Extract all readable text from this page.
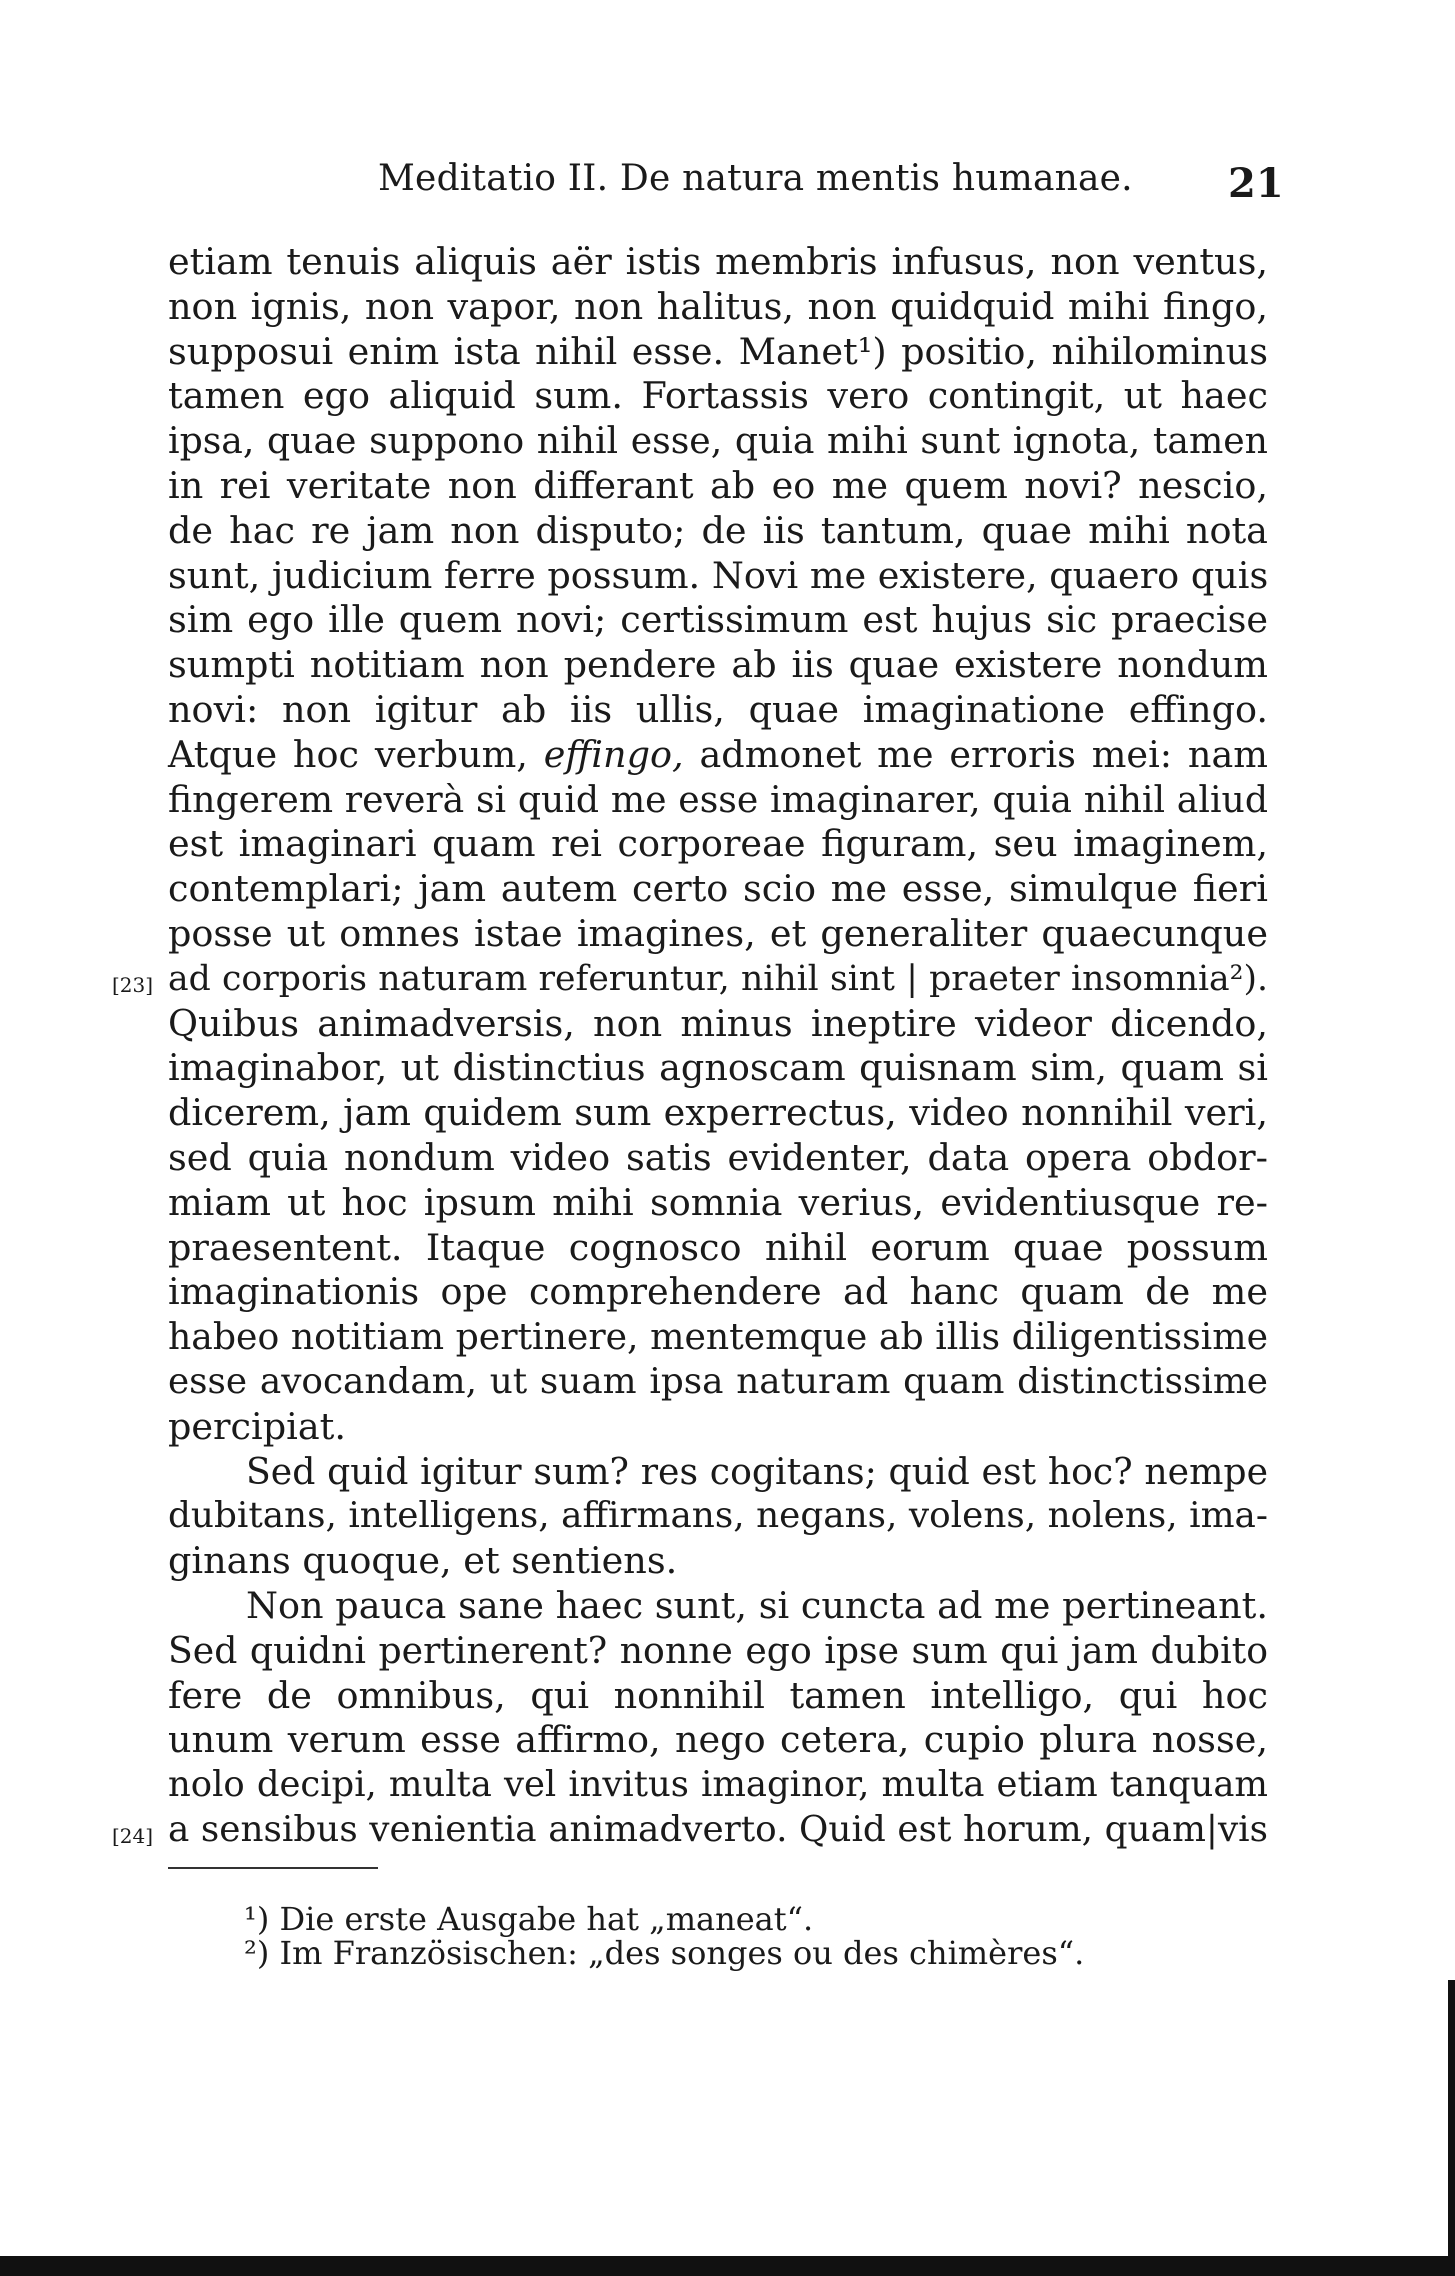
Meditatio II. De natura mentis humanae. 21
etiam tenuis aliquis aër istis membris infusus, non ventus,
non ignis, non vapor, non halitus, non quidquid mihi fingo,
supposui enim ista nihil esse. Manet¹) positio, nihilominus
tamen ego aliquid sum. Fortassis vero contingit, ut haec
ipsa, quae suppono nihil esse, quia mihi sunt ignota, tamen
in rei veritate non differant ab eo me quem novi? nescio,
de hac re jam non disputo; de iis tantum, quae mihi nota
sunt, judicium ferre possum. Novi me existere, quaero quis
sim ego ille quem novi; certissimum est hujus sic praecise
sumpti notitiam non pendere ab iis quae existere nondum
novi: non igitur ab iis ullis, quae imaginatione effingo.
Atque hoc verbum, effingo, admonet me erroris mei: nam
fingerem reverà si quid me esse imaginarer, quia nihil aliud
est imaginari quam rei corporeae figuram, seu imaginem,
contemplari; jam autem certo scio me esse, simulque fieri
posse ut omnes istae imagines, et generaliter quaecunque
[23] ad corporis naturam referuntur, nihil sint | praeter insomnia²).
Quibus animadversis, non minus ineptire videor dicendo,
imaginabor, ut distinctius agnoscam quisnam sim, quam si
dicerem, jam quidem sum experrectus, video nonnihil veri,
sed quia nondum video satis evidenter, data opera obdor-
miam ut hoc ipsum mihi somnia verius, evidentiusque re-
praesentent. Itaque cognosco nihil eorum quae possum
imaginationis ope comprehendere ad hanc quam de me
habeo notitiam pertinere, mentemque ab illis diligentissime
esse avocandam, ut suam ipsa naturam quam distinctissime
percipiat.
Sed quid igitur sum? res cogitans; quid est hoc? nempe
dubitans, intelligens, affirmans, negans, volens, nolens, ima-
ginans quoque, et sentiens.
Non pauca sane haec sunt, si cuncta ad me pertineant.
Sed quidni pertinerent? nonne ego ipse sum qui jam dubito
fere de omnibus, qui nonnihil tamen intelligo, qui hoc
unum verum esse affirmo, nego cetera, cupio plura nosse,
nolo decipi, multa vel invitus imaginor, multa etiam tanquam
[24] a sensibus venientia animadverto. Quid est horum, quam|vis
¹) Die erste Ausgabe hat „maneat“.
²) Im Französischen: „des songes ou des chimères“.
